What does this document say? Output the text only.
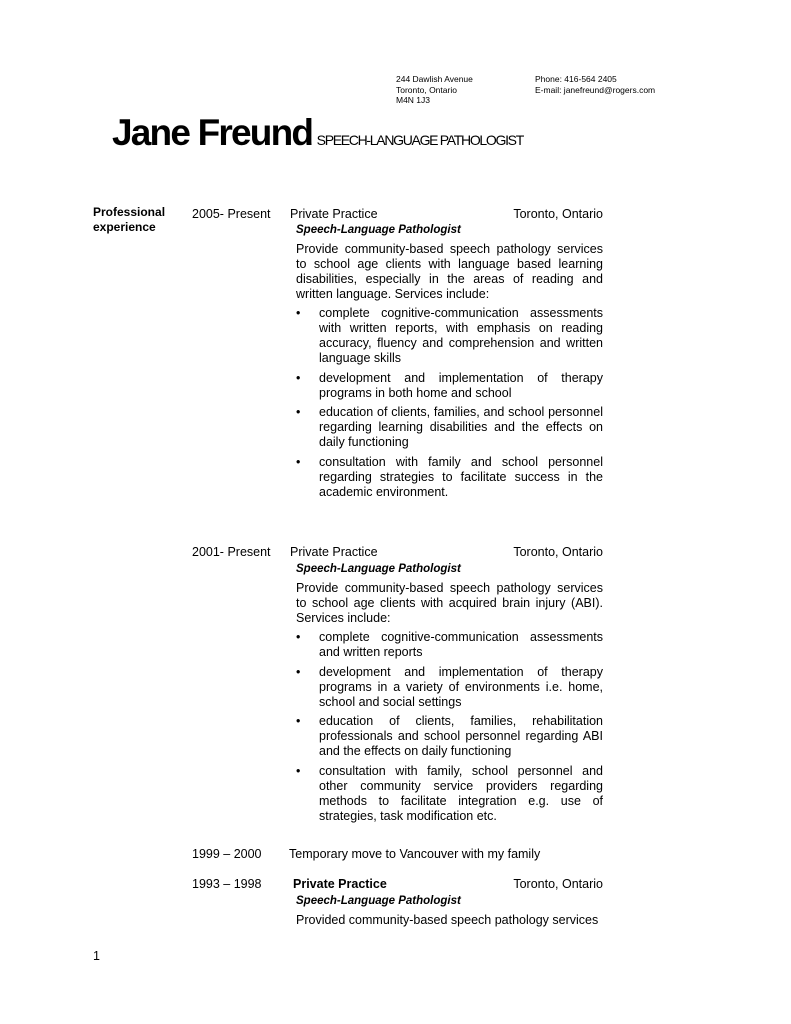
244 Dawlish Avenue
Toronto, Ontario
M4N 1J3
Phone: 416-564 2405
E-mail: janefreund@rogers.com
Jane Freund SPEECH-LANGUAGE PATHOLOGIST
Professional
experience
2005- Present Private Practice	Toronto, Ontario
Speech-Language Pathologist
Provide community-based speech pathology services to school age clients with language based learning disabilities, especially in the areas of reading and written language. Services include:
•	complete cognitive-communication assessments with written reports, with emphasis on reading accuracy, fluency and comprehension and written language skills
•	development and implementation of therapy programs in both home and school
•	education of clients, families, and school personnel regarding learning disabilities and the effects on daily functioning
•	consultation with family and school personnel regarding strategies to facilitate success in the academic environment.
2001- Present Private Practice	Toronto, Ontario
Speech-Language Pathologist
Provide community-based speech pathology services to school age clients with acquired brain injury (ABI). Services include:
•	complete cognitive-communication assessments and written reports
•	development and implementation of therapy programs in a variety of environments i.e. home, school and social settings
•	education of clients, families, rehabilitation professionals and school personnel regarding ABI and the effects on daily functioning
•	consultation with family, school personnel and other community service providers regarding methods to facilitate integration e.g. use of strategies, task modification etc.
1999 – 2000 Temporary move to Vancouver with my family
1993 – 1998	Private Practice	Toronto, Ontario
Speech-Language Pathologist
Provided community-based speech pathology services
1
